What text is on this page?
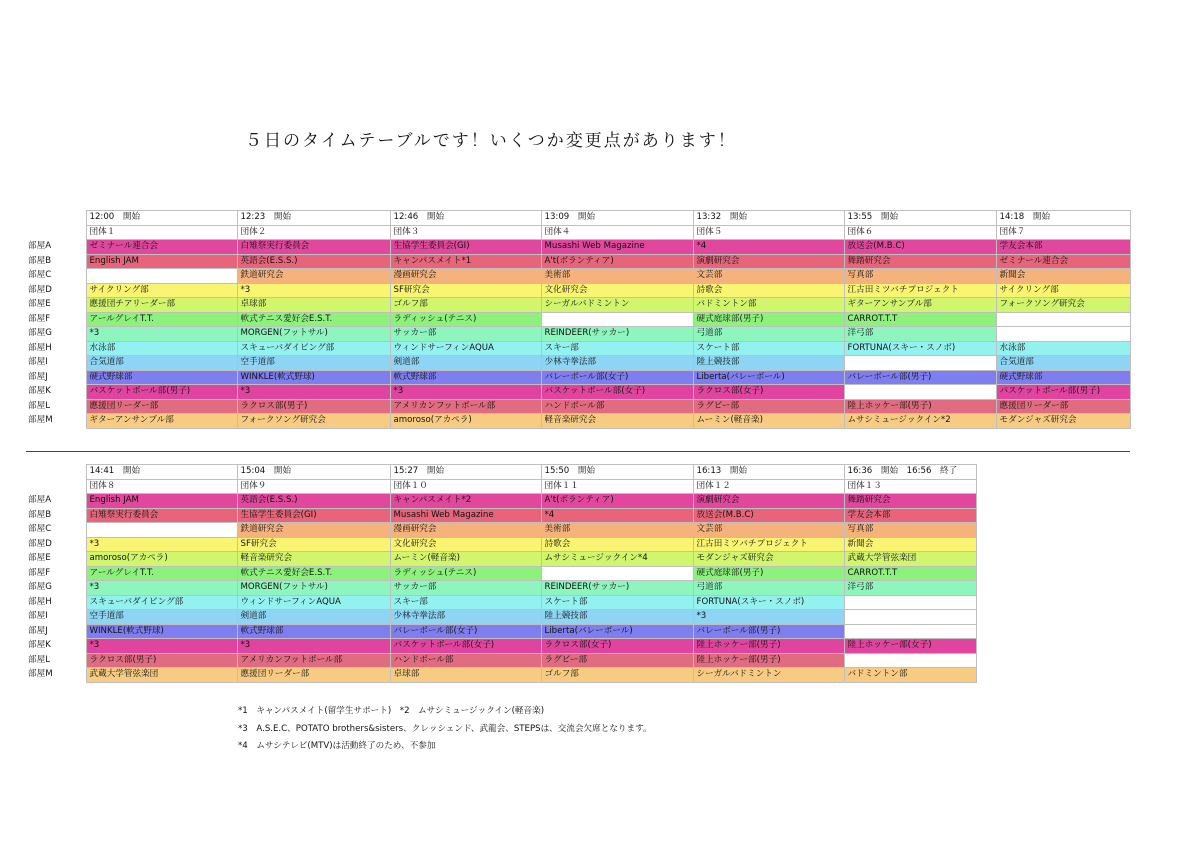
５日のタイムテーブルです！いくつか変更点があります！
	12:00　開始	12:23　開始	12:46　開始	13:09　開始	13:32　開始	13:55　開始	14:18　開始
	団体１	団体２	団体３	団体４	団体５	団体６	団体７
部屋A	ゼミナール連合会	白雉祭実行委員会	生協学生委員会(GI)	Musashi Web Magazine	*4	放送会(M.B.C)	学友会本部
部屋B	English JAM	英語会(E.S.S.)	キャンパスメイト*1	A't(ボランティア)	演劇研究会	舞踏研究会	ゼミナール連合会
部屋C		鉄道研究会	漫画研究会	美術部	文芸部	写真部	新聞会
部屋D	サイクリング部	*3	SF研究会	文化研究会	詩歌会	江古田ミツバチプロジェクト	サイクリング部
部屋E	應援団チアリーダー部	卓球部	ゴルフ部	シーガルバドミントン	バドミントン部	ギターアンサンブル部	フォークソング研究会
部屋F	アールグレイT.T.	軟式テニス愛好会E.S.T.	ラディッシュ(テニス)		硬式庭球部(男子)	CARROT.T.T	
部屋G	*3	MORGEN(フットサル)	サッカー部	REINDEER(サッカー)	弓道部	洋弓部	
部屋H	水泳部	スキューバダイビング部	ウィンドサーフィンAQUA	スキー部	スケート部	FORTUNA(スキー・スノボ)	水泳部
部屋I	合気道部	空手道部	剣道部	少林寺拳法部	陸上競技部		合気道部
部屋J	硬式野球部	WINKLE(軟式野球)	軟式野球部	バレーボール部(女子)	Liberta(バレーボール)	バレーボール部(男子)	硬式野球部
部屋K	バスケットボール部(男子)	*3	*3	バスケットボール部(女子)	ラクロス部(女子)		バスケットボール部(男子)
部屋L	應援団リーダー部	ラクロス部(男子)	アメリカンフットボール部	ハンドボール部	ラグビー部	陸上ホッケー部(男子)	應援団リーダー部
部屋M	ギターアンサンブル部	フォークソング研究会	amoroso(アカペラ)	軽音楽研究会	ムーミン(軽音楽)	ムサシミュージックイン*2	モダンジャズ研究会
	14:41　開始	15:04　開始	15:27　開始	15:50　開始	16:13　開始	16:36　開始　16:56　終了
	団体８	団体９	団体１０	団体１１	団体１２	団体１３
部屋A	English JAM	英語会(E.S.S.)	キャンパスメイト*2	A't(ボランティア)	演劇研究会	舞踏研究会
部屋B	白雉祭実行委員会	生協学生委員会(GI)	Musashi Web Magazine	*4	放送会(M.B.C)	学友会本部
部屋C		鉄道研究会	漫画研究会	美術部	文芸部	写真部
部屋D	*3	SF研究会	文化研究会	詩歌会	江古田ミツバチプロジェクト	新聞会
部屋E	amoroso(アカペラ)	軽音楽研究会	ムーミン(軽音楽)	ムサシミュージックイン*4	モダンジャズ研究会	武蔵大学管弦楽団
部屋F	アールグレイT.T.	軟式テニス愛好会E.S.T.	ラディッシュ(テニス)		硬式庭球部(男子)	CARROT.T.T
部屋G	*3	MORGEN(フットサル)	サッカー部	REINDEER(サッカー)	弓道部	洋弓部
部屋H	スキューバダイビング部	ウィンドサーフィンAQUA	スキー部	スケート部	FORTUNA(スキー・スノボ)	
部屋I	空手道部	剣道部	少林寺拳法部	陸上競技部	*3	
部屋J	WINKLE(軟式野球)	軟式野球部	バレーボール部(女子)	Liberta(バレーボール)	バレーボール部(男子)	
部屋K	*3	*3	バスケットボール部(女子)	ラクロス部(女子)	陸上ホッケー部(男子)	陸上ホッケー部(女子)
部屋L	ラクロス部(男子)	アメリカンフットボール部	ハンドボール部	ラグビー部	陸上ホッケー部(男子)	
部屋M	武蔵大学管弦楽団	應援団リーダー部	卓球部	ゴルフ部	シーガルバドミントン	バドミントン部
*1　キャンパスメイト(留学生サポート)　*2　ムサシミュージックイン(軽音楽)
*3　A.S.E.C、POTATO brothers&sisters、クレッシェンド、武龍会、STEPSは、交流会欠席となります。
*4　ムサシテレビ(MTV)は活動終了のため、不参加
